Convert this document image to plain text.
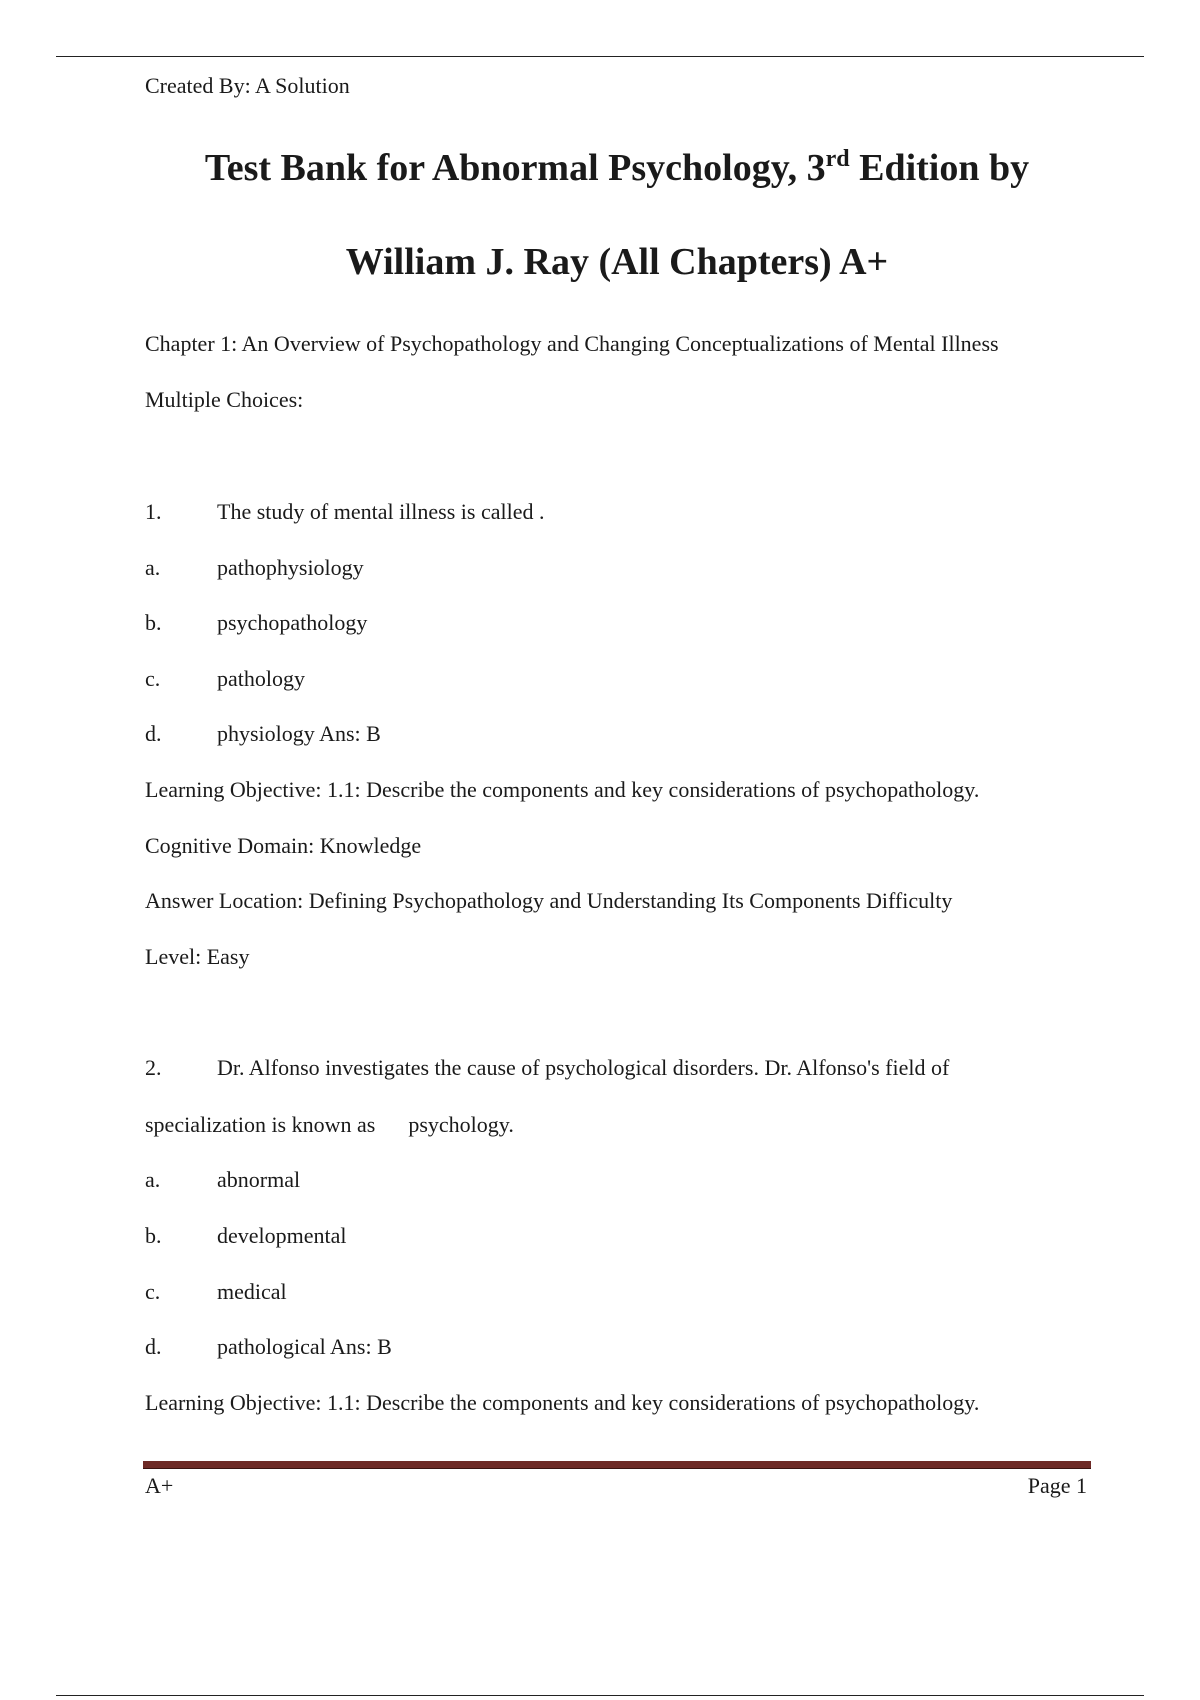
Created By: A Solution
Test Bank for Abnormal Psychology, 3rd Edition by
William J. Ray (All Chapters) A+
Chapter 1: An Overview of Psychopathology and Changing Conceptualizations of Mental Illness
Multiple Choices:
1.	The study of mental illness is called .
a.	pathophysiology
b.	psychopathology
c.	pathology
d.	physiology Ans: B
Learning Objective: 1.1: Describe the components and key considerations of psychopathology.
Cognitive Domain: Knowledge
Answer Location: Defining Psychopathology and Understanding Its Components Difficulty
Level: Easy
2.	Dr. Alfonso investigates the cause of psychological disorders. Dr. Alfonso's field of
specialization is known as      psychology.
a.	abnormal
b.	developmental
c.	medical
d.	pathological Ans: B
Learning Objective: 1.1: Describe the components and key considerations of psychopathology.
A+	Page 1
